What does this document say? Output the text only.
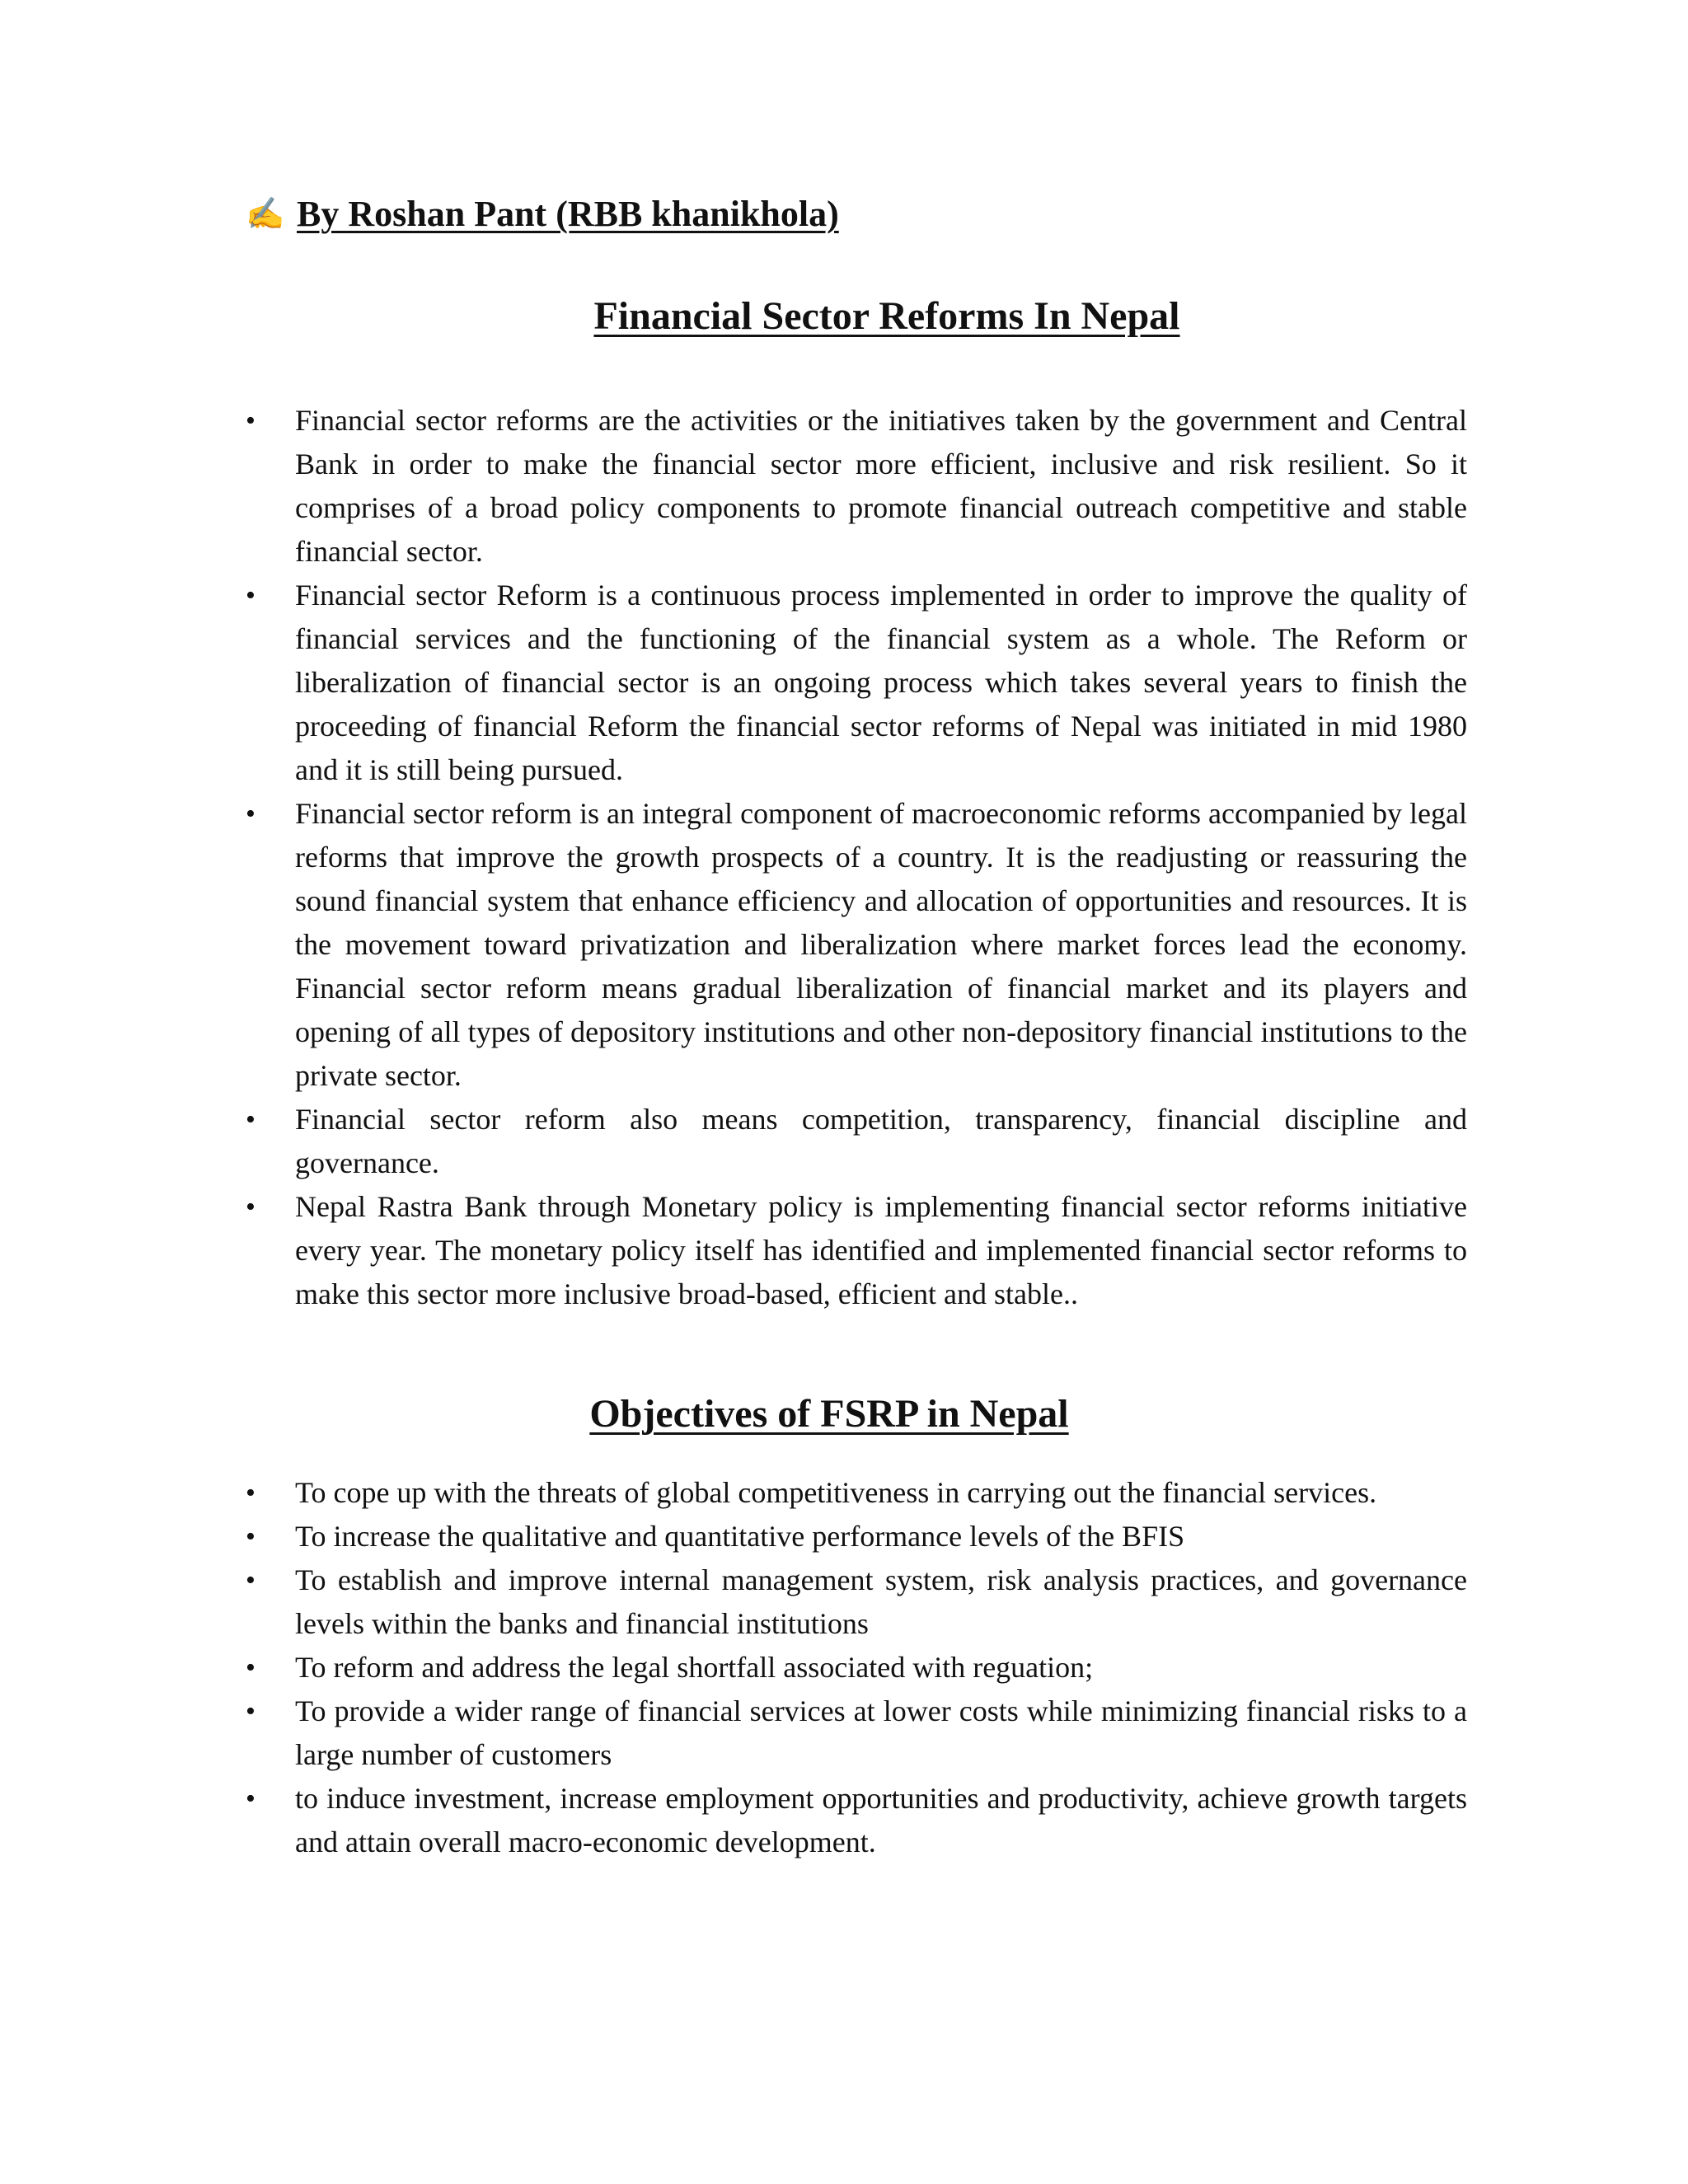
✍ By Roshan Pant (RBB khanikhola)
Financial Sector Reforms In Nepal
• Financial sector reforms are the activities or the initiatives taken by the government and Central Bank in order to make the financial sector more efficient, inclusive and risk resilient. So it comprises of a broad policy components to promote financial outreach competitive and stable financial sector.
• Financial sector Reform is a continuous process implemented in order to improve the quality of financial services and the functioning of the financial system as a whole. The Reform or liberalization of financial sector is an ongoing process which takes several years to finish the proceeding of financial Reform the financial sector reforms of Nepal was initiated in mid 1980 and it is still being pursued.
• Financial sector reform is an integral component of macroeconomic reforms accompanied by legal reforms that improve the growth prospects of a country. It is the readjusting or reassuring the sound financial system that enhance efficiency and allocation of opportunities and resources. It is the movement toward privatization and liberalization where market forces lead the economy. Financial sector reform means gradual liberalization of financial market and its players and opening of all types of depository institutions and other non-depository financial institutions to the private sector.
• Financial sector reform also means competition, transparency, financial discipline and governance.
• Nepal Rastra Bank through Monetary policy is implementing financial sector reforms initiative every year. The monetary policy itself has identified and implemented financial sector reforms to make this sector more inclusive broad-based, efficient and stable..
Objectives of FSRP in Nepal
• To cope up with the threats of global competitiveness in carrying out the financial services.
• To increase the qualitative and quantitative performance levels of the BFIS
• To establish and improve internal management system, risk analysis practices, and governance levels within the banks and financial institutions
• To reform and address the legal shortfall associated with reguation;
• To provide a wider range of financial services at lower costs while minimizing financial risks to a large number of customers
• to induce investment, increase employment opportunities and productivity, achieve growth targets and attain overall macro-economic development.
